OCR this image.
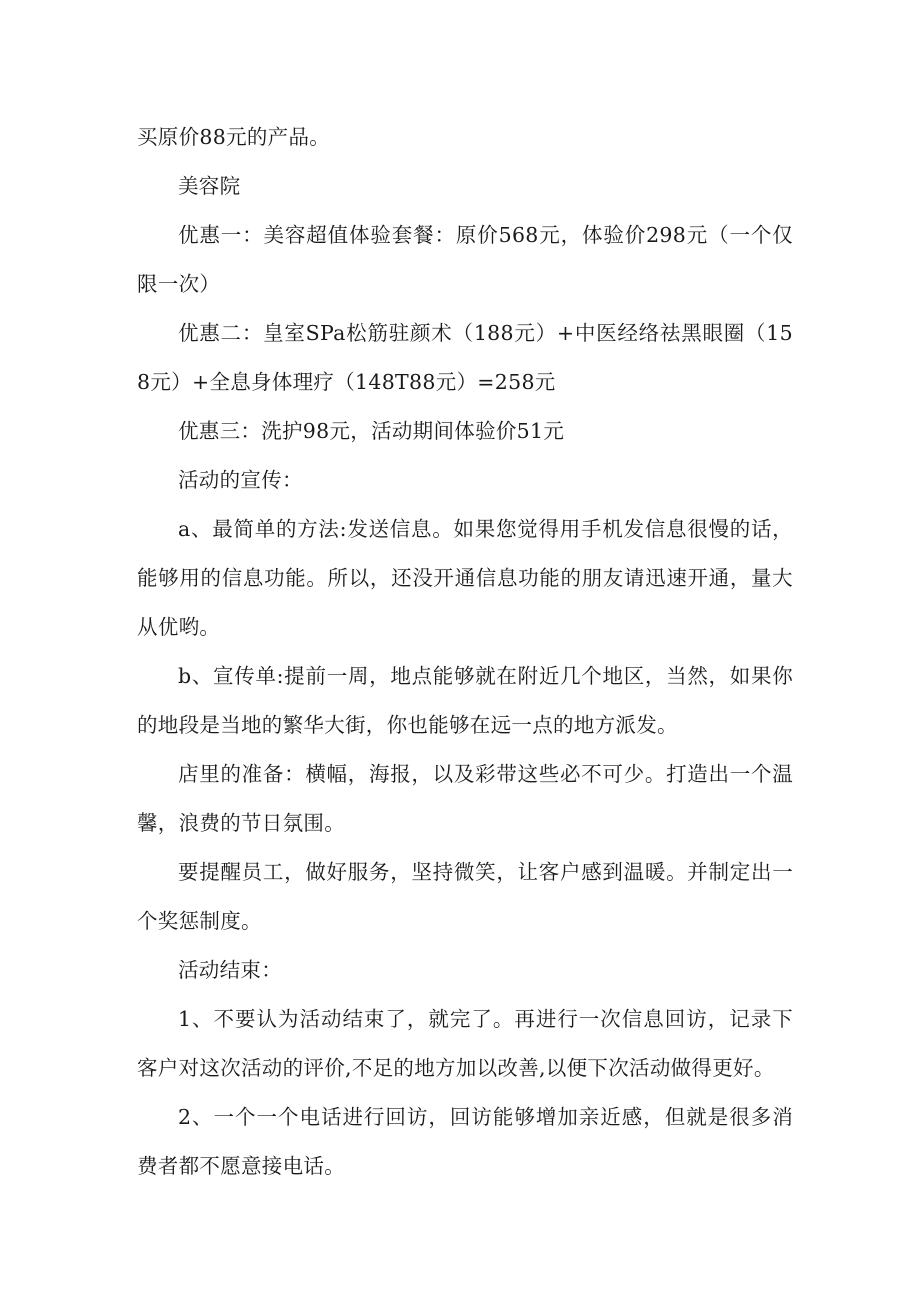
买原价88元的产品。

美容院

优惠一：美容超值体验套餐：原价568元，体验价298元（一个仅限一次）

优惠二：皇室SPa松筋驻颜术（188元）+中医经络祛黑眼圈（158元）+全息身体理疗（148T88元）=258元

优惠三：洗护98元，活动期间体验价51元

活动的宣传：

a、最简单的方法:发送信息。如果您觉得用手机发信息很慢的话，能够用的信息功能。所以，还没开通信息功能的朋友请迅速开通，量大从优哟。

b、宣传单:提前一周，地点能够就在附近几个地区，当然，如果你的地段是当地的繁华大街，你也能够在远一点的地方派发。

店里的准备：横幅，海报，以及彩带这些必不可少。打造出一个温馨，浪费的节日氛围。

要提醒员工，做好服务，坚持微笑，让客户感到温暖。并制定出一个奖惩制度。

活动结束：

1、不要认为活动结束了，就完了。再进行一次信息回访，记录下客户对这次活动的评价,不足的地方加以改善,以便下次活动做得更好。

2、一个一个电话进行回访，回访能够增加亲近感，但就是很多消费者都不愿意接电话。
